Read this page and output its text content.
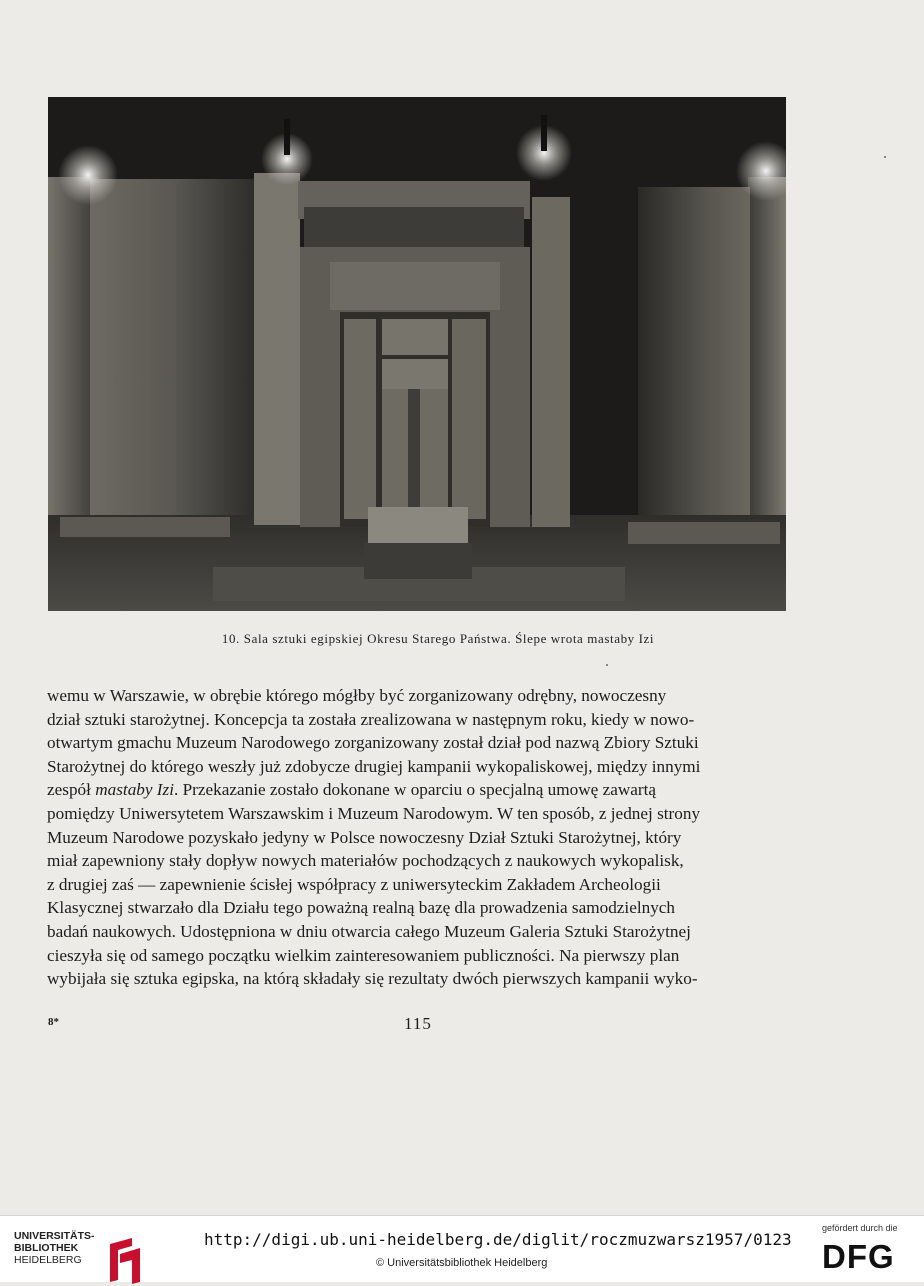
10. Sala sztuki egipskiej Okresu Starego Państwa. Ślepe wrota mastaby Izi

wemu w Warszawie, w obrębie którego mógłby być zorganizowany odrębny, nowoczesny

dział sztuki starożytnej. Koncepcja ta została zrealizowana w następnym roku, kiedy w nowo-

otwartym gmachu Muzeum Narodowego zorganizowany został dział pod nazwą Zbiory Sztuki

Starożytnej do którego weszły już zdobycze drugiej kampanii wykopaliskowej, między innymi

zespół mastaby Izi. Przekazanie zostało dokonane w oparciu o specjalną umowę zawartą

pomiędzy Uniwersytetem Warszawskim i Muzeum Narodowym. W ten sposób, z jednej strony

Muzeum Narodowe pozyskało jedyny w Polsce nowoczesny Dział Sztuki Starożytnej, który

miał zapewniony stały dopływ nowych materiałów pochodzących z naukowych wykopalisk,

z drugiej zaś — zapewnienie ścisłej współpracy z uniwersyteckim Zakładem Archeologii

Klasycznej stwarzało dla Działu tego poważną realną bazę dla prowadzenia samodzielnych

badań naukowych. Udostępniona w dniu otwarcia całego Muzeum Galeria Sztuki Starożytnej

cieszyła się od samego początku wielkim zainteresowaniem publiczności. Na pierwszy plan

wybijała się sztuka egipska, na którą składały się rezultaty dwóch pierwszych kampanii wyko-

8*	115
UNIVERSITÄTS-
BIBLIOTHEK
HEIDELBERG
http://digi.ub.uni-heidelberg.de/diglit/roczmuzwarsz1957/0123
© Universitätsbibliothek Heidelberg
gefördert durch die
DFG
